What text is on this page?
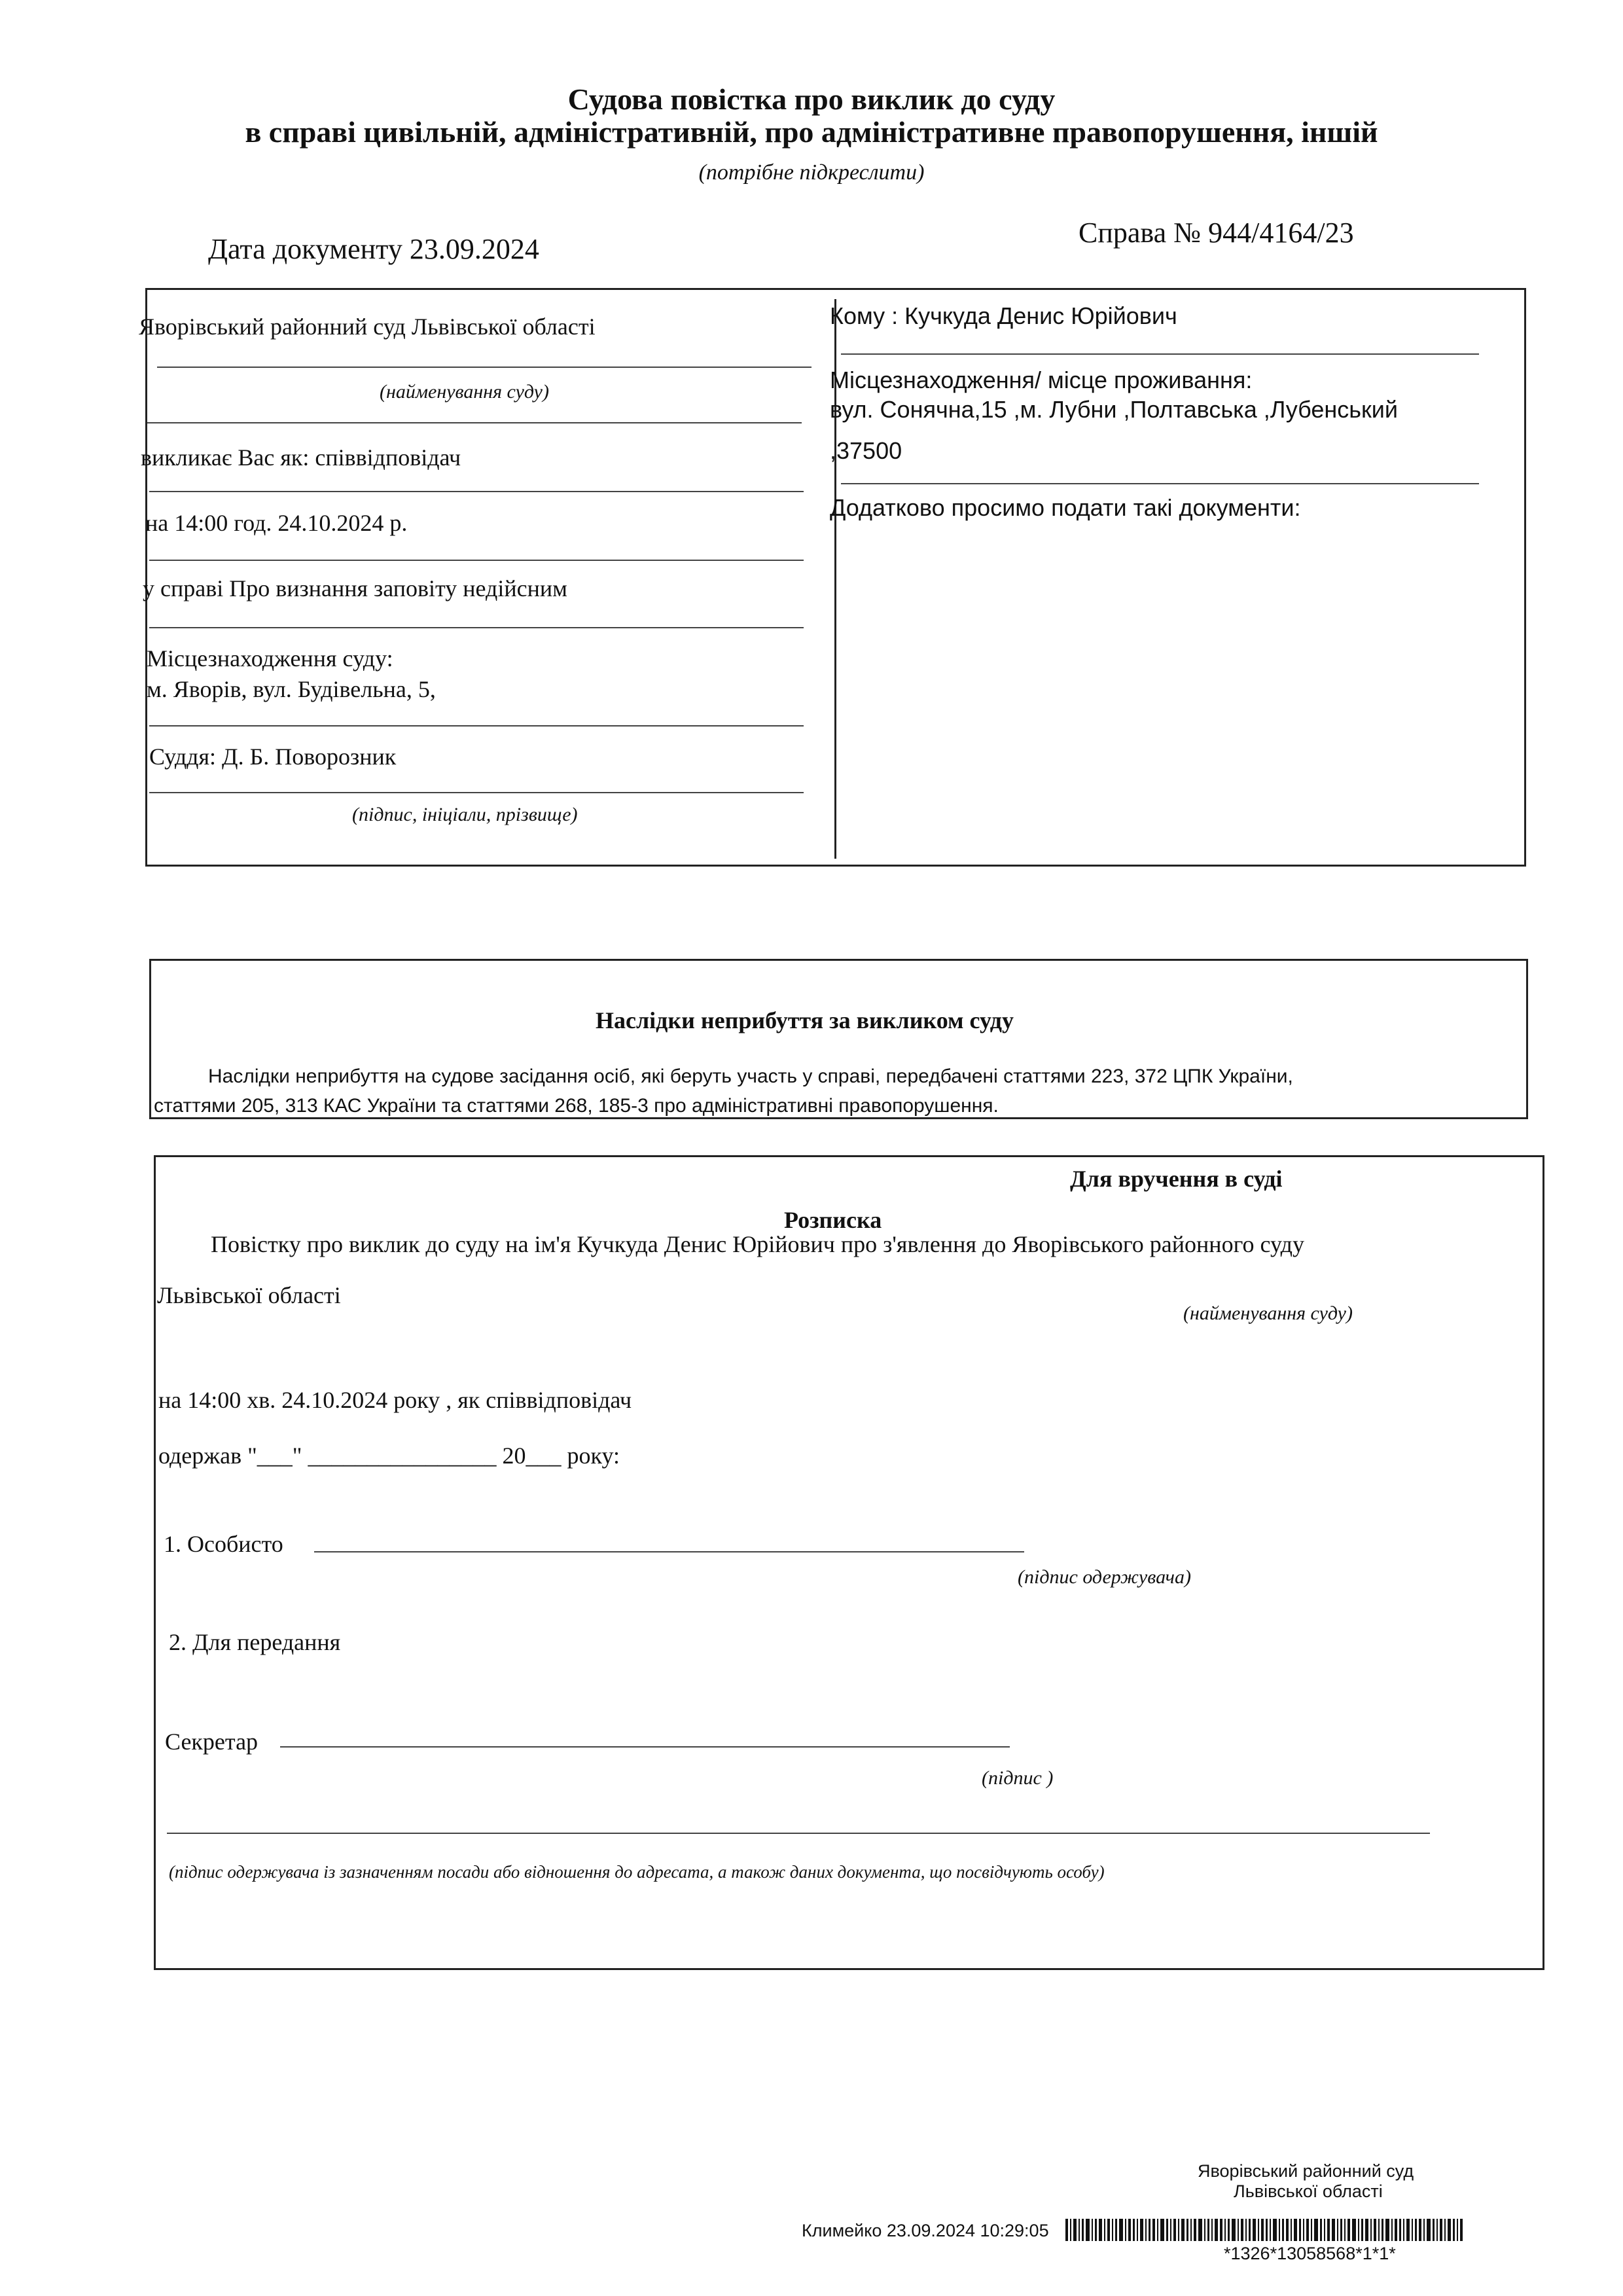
Судова повістка про виклик до суду
в справі цивільній, адміністративній, про адміністративне правопорушення, іншій
(потрібне підкреслити)
Дата документу 23.09.2024
Справа № 944/4164/23
Яворівський районний суд Львівської області
(найменування суду)
викликає Вас як: співвідповідач
на 14:00 год. 24.10.2024 р.
у справі Про визнання заповіту недійсним
Місцезнаходження суду:
м. Яворів, вул. Будівельна, 5,
Суддя: Д. Б. Поворозник
(підпис, ініціали, прізвище)
Кому : Кучкуда Денис Юрійович
Місцезнаходження/ місце проживання:
вул. Сонячна,15 ,м. Лубни ,Полтавська ,Лубенський
,37500
Додатково просимо подати такі документи:
Наслідки неприбуття за викликом суду
Наслідки неприбуття на судове засідання осіб, які беруть участь у справі, передбачені статтями 223, 372 ЦПК України,
статтями 205, 313 КАС України та статтями 268, 185-3 про адміністративні правопорушення.
Для вручення в суді
Розписка
Повістку про виклик до суду на ім'я Кучкуда Денис Юрійович про з'явлення до Яворівського районного суду
Львівської області
(найменування суду)
на 14:00 хв. 24.10.2024 року , як співвідповідач
одержав "___" ________________ 20___ року:
1. Особисто
(підпис одержувача)
2. Для передання
Секретар
(підпис )
(підпис одержувача із зазначенням посади або відношення до адресата, а також даних документа, що посвідчують особу)
Яворівський районний суд
Львівської області
Климейко 23.09.2024 10:29:05
*1326*13058568*1*1*
